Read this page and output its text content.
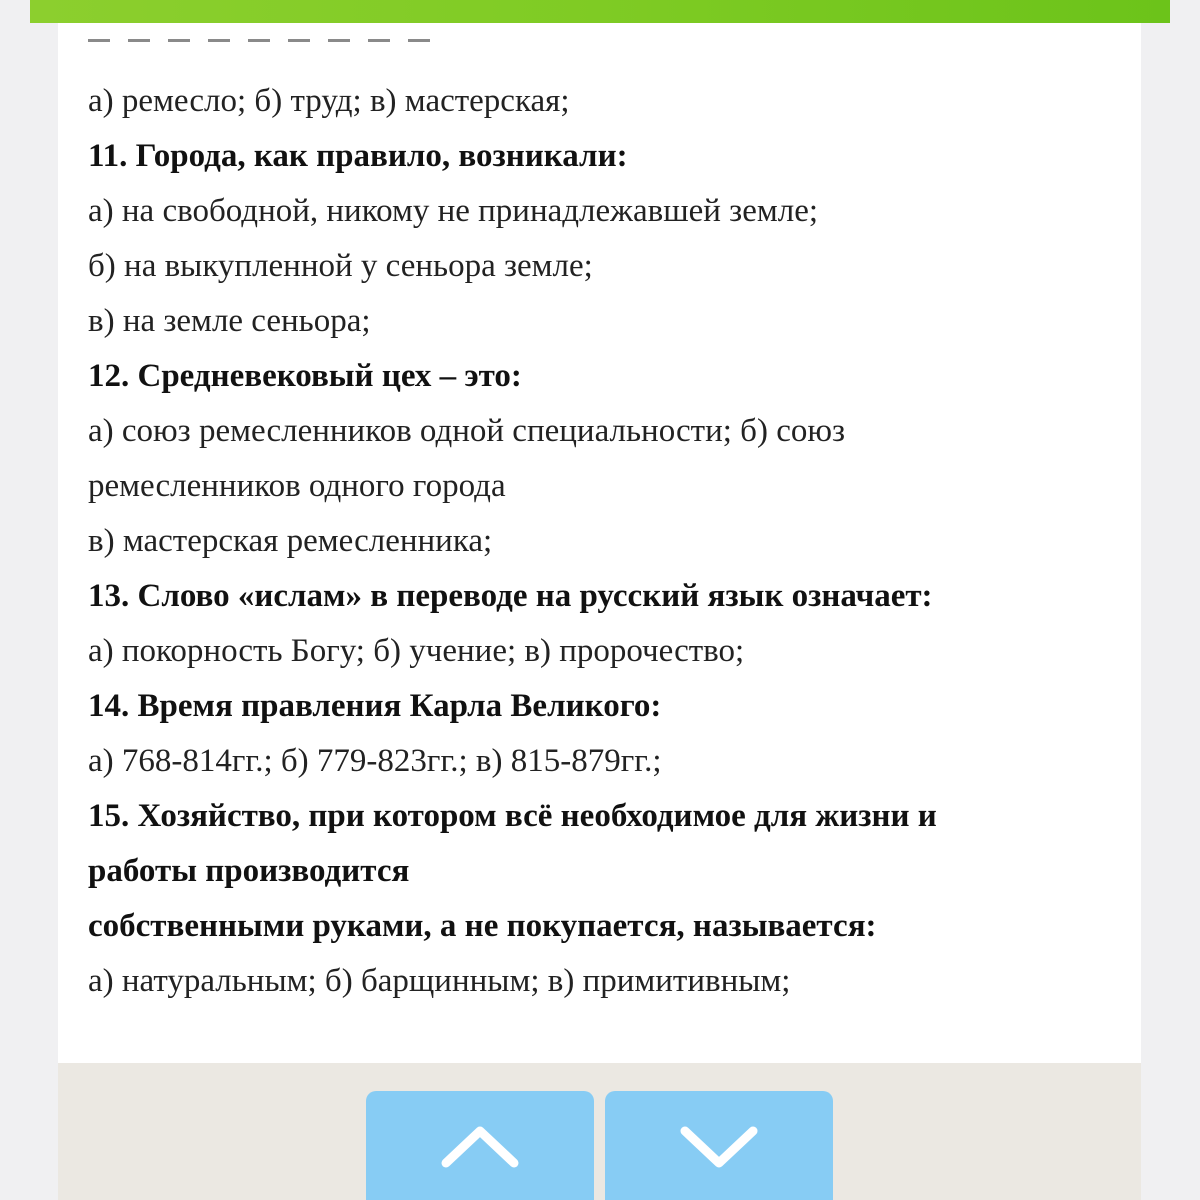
а) ремесло; б) труд; в) мастерская;
11. Города, как правило, возникали:
а) на свободной, никому не принадлежавшей земле;
б) на выкупленной у сеньора земле;
в) на земле сеньора;
12. Средневековый цех – это:
а) союз ремесленников одной специальности; б) союз
ремесленников одного города
в) мастерская ремесленника;
13. Слово «ислам» в переводе на русский язык означает:
а) покорность Богу; б) учение; в) пророчество;
14. Время правления Карла Великого:
а) 768-814гг.; б) 779-823гг.; в) 815-879гг.;
15. Хозяйство, при котором всё необходимое для жизни и
работы производится
собственными руками, а не покупается, называется:
а) натуральным; б) барщинным; в) примитивным;
